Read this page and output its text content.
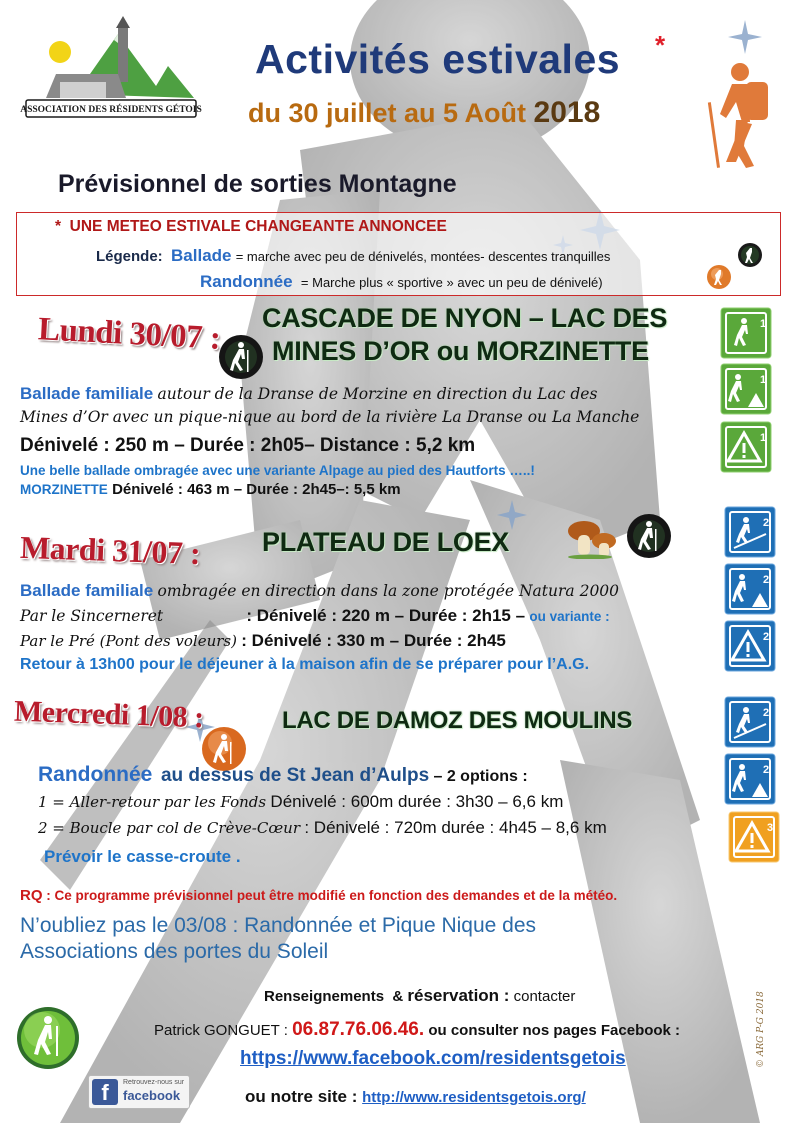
ASSOCIATION DES RÉSIDENTS GÉTOIS
Activités estivales *
du 30 juillet au 5 Août 2018
Prévisionnel de sorties Montagne
* UNE METEO ESTIVALE CHANGEANTE ANNONCEE
Légende: Ballade = marche avec peu de dénivelés, montées- descentes tranquilles
Randonnée = Marche plus « sportive » avec un peu de dénivelé)
Lundi 30/07 : CASCADE DE NYON – LAC DES
MINES D’OR ou MORZINETTE
Ballade familiale autour de la Dranse de Morzine en direction du Lac des
Mines d’Or avec un pique-nique au bord de la rivière La Dranse ou La Manche
Dénivelé : 250 m – Durée : 2h05– Distance : 5,2 km
Une belle ballade ombragée avec une variante Alpage au pied des Hautforts …..!
MORZINETTE Dénivelé : 463 m – Durée : 2h45–: 5,5 km
1
1
1
Mardi 31/07 : PLATEAU DE LOEX
Ballade familiale ombragée en direction dans la zone protégée Natura 2000
Par le Sincerneret	: Dénivelé : 220 m – Durée : 2h15 – ou variante :
Par le Pré (Pont des voleurs) : Dénivelé : 330 m – Durée : 2h45
Retour à 13h00 pour le déjeuner à la maison afin de se préparer pour l’A.G.
2
2
2
Mercredi 1/08 :	LAC DE DAMOZ DES MOULINS
Randonnée au dessus de St Jean d’Aulps – 2 options :
1 = Aller-retour par les Fonds Dénivelé : 600m durée : 3h30 – 6,6 km
2 = Boucle par col de Crève-Cœur : Dénivelé : 720m durée : 4h45 – 8,6 km
Prévoir le casse-croute .
2
2
3
RQ : Ce programme prévisionnel peut être modifié en fonction des demandes et de la météo.
N’oubliez pas le 03/08 : Randonnée et Pique Nique des
Associations des portes du Soleil
Renseignements & réservation : contacter
Patrick GONGUET : 06.87.76.06.46. ou consulter nos pages Facebook :
https://www.facebook.com/residentsgetois
ou notre site : http://www.residentsgetois.org/
f	Retrouvez-nous sur
facebook
© ARG P-G 2018
